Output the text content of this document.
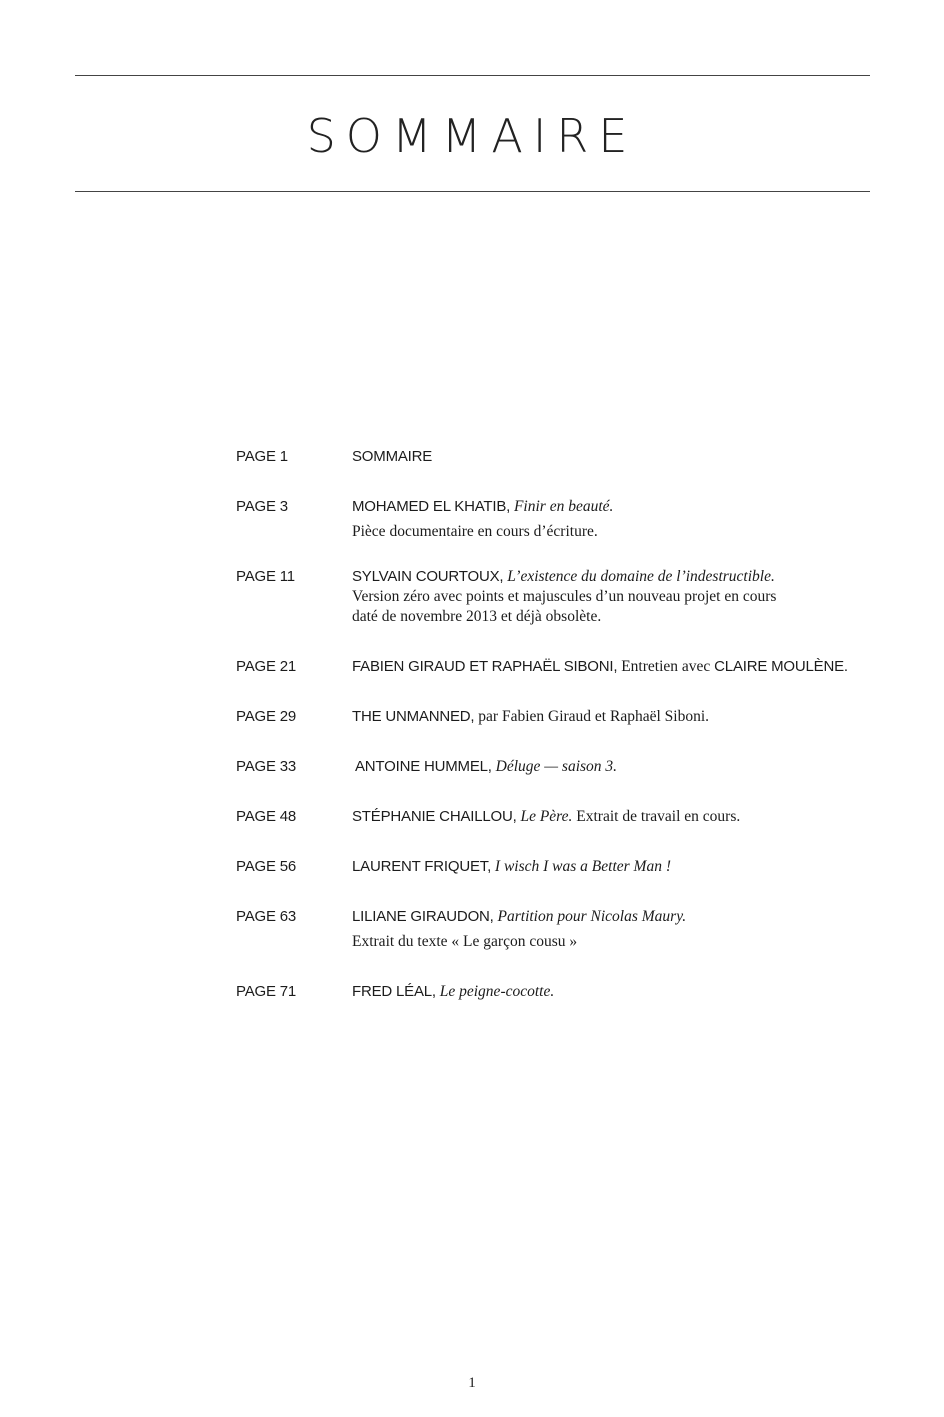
SOMMAIRE
PAGE 1	SOMMAIRE
PAGE 3	MOHAMED EL KHATIB, Finir en beauté.
Pièce documentaire en cours d’écriture.
PAGE 11	SYLVAIN COURTOUX, L’existence du domaine de l’indestructible.
Version zéro avec points et majuscules d’un nouveau projet en cours
daté de novembre 2013 et déjà obsolète.
PAGE 21	FABIEN GIRAUD ET RAPHAËL SIBONI, Entretien avec CLAIRE MOULÈNE.
PAGE 29	THE UNMANNED, par Fabien Giraud et Raphaël Siboni.
PAGE 33	ANTOINE HUMMEL, Déluge — saison 3.
PAGE 48	STÉPHANIE CHAILLOU, Le Père. Extrait de travail en cours.
PAGE 56	LAURENT FRIQUET, I wisch I was a Better Man !
PAGE 63	LILIANE GIRAUDON, Partition pour Nicolas Maury.
Extrait du texte « Le garçon cousu »
PAGE 71	FRED LÉAL, Le peigne-cocotte.
1
